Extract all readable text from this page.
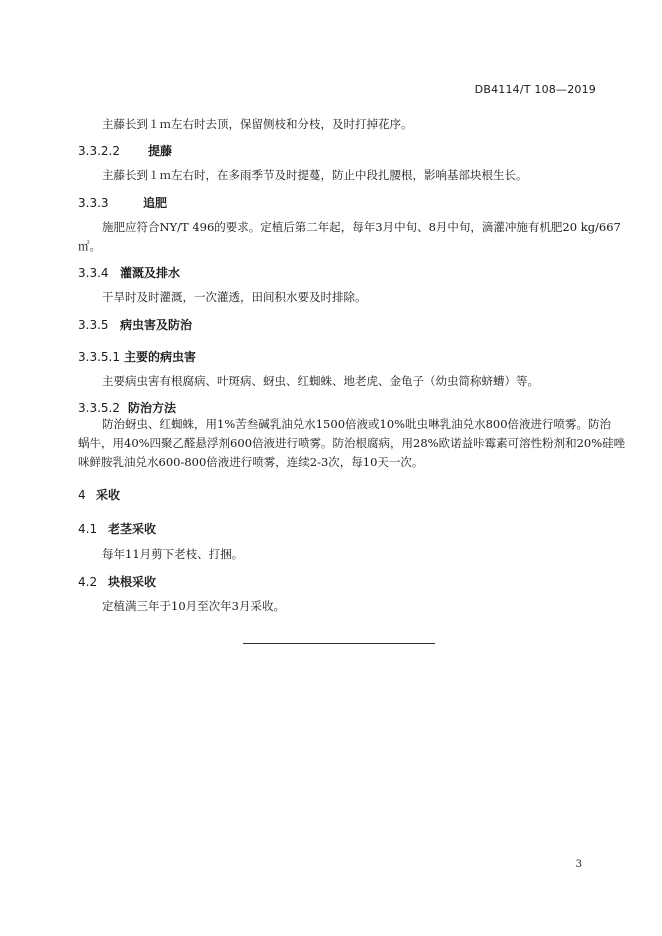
DB4114/T 108—2019
主藤长到１ｍ左右时去顶，保留侧枝和分枝，及时打掉花序。
3.3.2.2 提藤
主藤长到１ｍ左右时，在多雨季节及时提蔓，防止中段扎腰根，影响基部块根生长。
3.3.3	追肥
施肥应符合NY/T 496的要求。定植后第二年起，每年3月中旬、8月中旬，滴灌冲施有机肥20 kg/667
㎡。
3.3.4 灌溉及排水
干旱时及时灌溉，一次灌透，田间积水要及时排除。
3.3.5 病虫害及防治
3.3.5.1 主要的病虫害
主要病虫害有根腐病、叶斑病、蚜虫、红蜘蛛、地老虎、金龟子（幼虫简称蛴螬）等。
3.3.5.2 防治方法
防治蚜虫、红蜘蛛，用1%苦叁碱乳油兑水1500倍液或10%吡虫啉乳油兑水800倍液进行喷雾。防治
蜗牛，用40%四聚乙醛悬浮剂600倍液进行喷雾。防治根腐病，用28%欧诺益咔霉素可溶性粉剂和20%硅唑
咪鲜胺乳油兑水600-800倍液进行喷雾，连续2-3次，每10天一次。
4 采收
4.1 老茎采收
每年11月剪下老枝、打捆。
4.2 块根采收
定植满三年于10月至次年3月采收。
3
